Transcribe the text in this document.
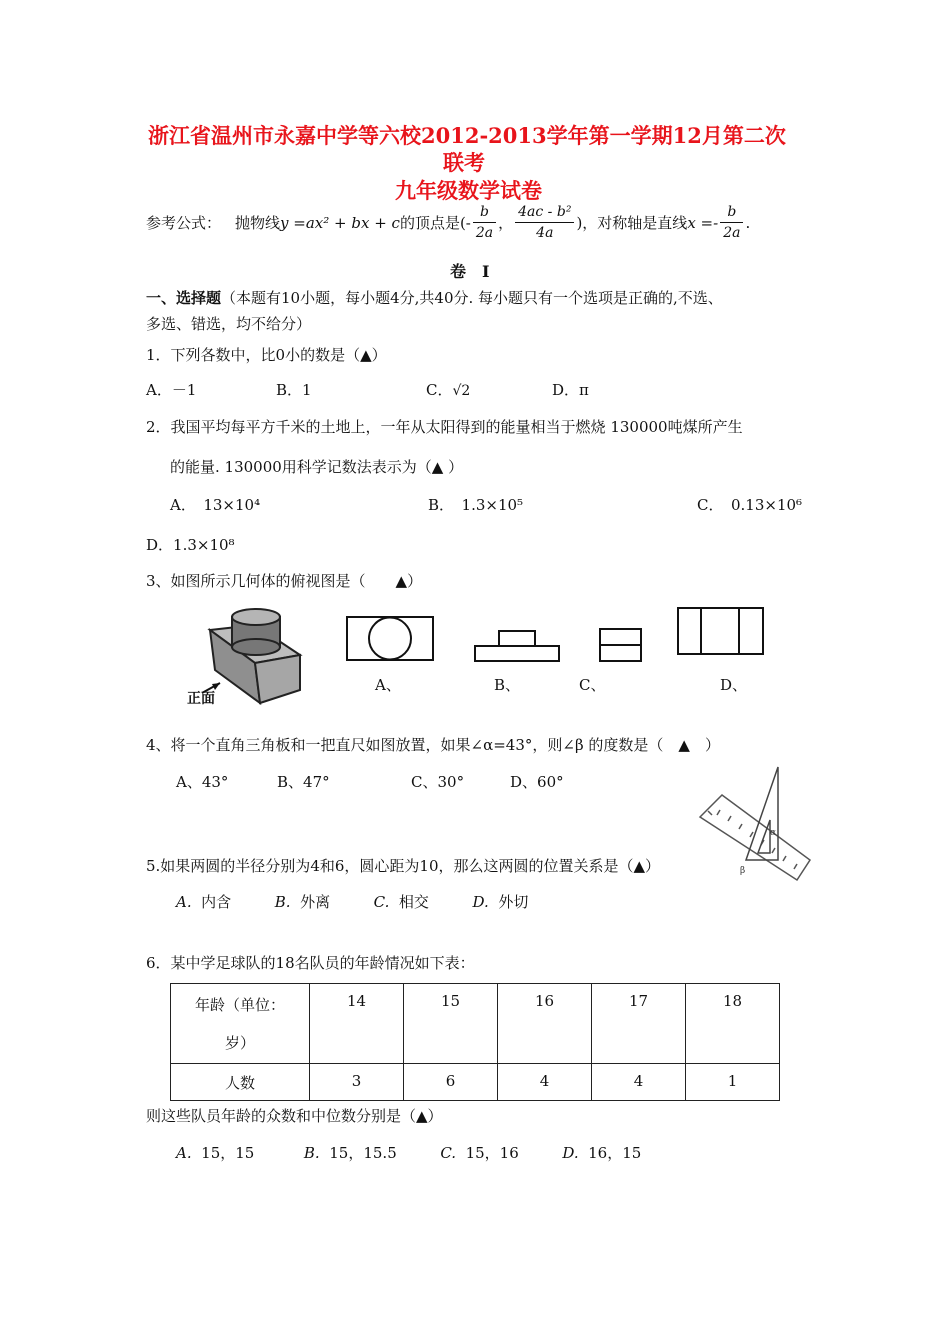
浙江省温州市永嘉中学等六校2012-2013学年第一学期12月第二次
联考
九年级数学试卷
参考公式： 抛物线 y =ax² + bx + c 的顶点是(- $\frac{b}{2a}$ ， $\frac{\text{4ac - b²}}{4a}$ )，对称轴是直线 $x =- \frac{b}{2a}$ .
卷　Ⅰ
一、选择题（本题有10小题，每小题4分,共40分. 每小题只有一个选项是正确的,不选、
多选、错选，均不给分）
1．下列各数中，比0小的数是（▲）
A．－1	B．1	C．√2	D．π
2．我国平均每平方千米的土地上，一年从太阳得到的能量相当于燃烧 130000吨煤所产生
的能量. 130000用科学记数法表示为（▲ ）
A．　13×10⁴	B．　1.3×10⁵	C．　0.13×10⁶
D．1.3×10⁸
3、如图所示几何体的俯视图是（　　▲）
正面
A、	B、	C、	D、
4、将一个直角三角板和一把直尺如图放置，如果∠α=43°，则∠β 的度数是（　▲　）
A、43°	B、47°	C、30°	D、60°
α
β
5.如果两圆的半径分别为4和6，圆心距为10，那么这两圆的位置关系是（▲）
A. 内含	B. 外离	C. 相交	D. 外切
6．某中学足球队的18名队员的年龄情况如下表：
年龄（单位：
岁）	14	15	16	17	18
人数	3	6	4	4	1
则这些队员年龄的众数和中位数分别是（▲）
A. 15，15	B. 15，15.5	C. 15，16	D. 16，15
